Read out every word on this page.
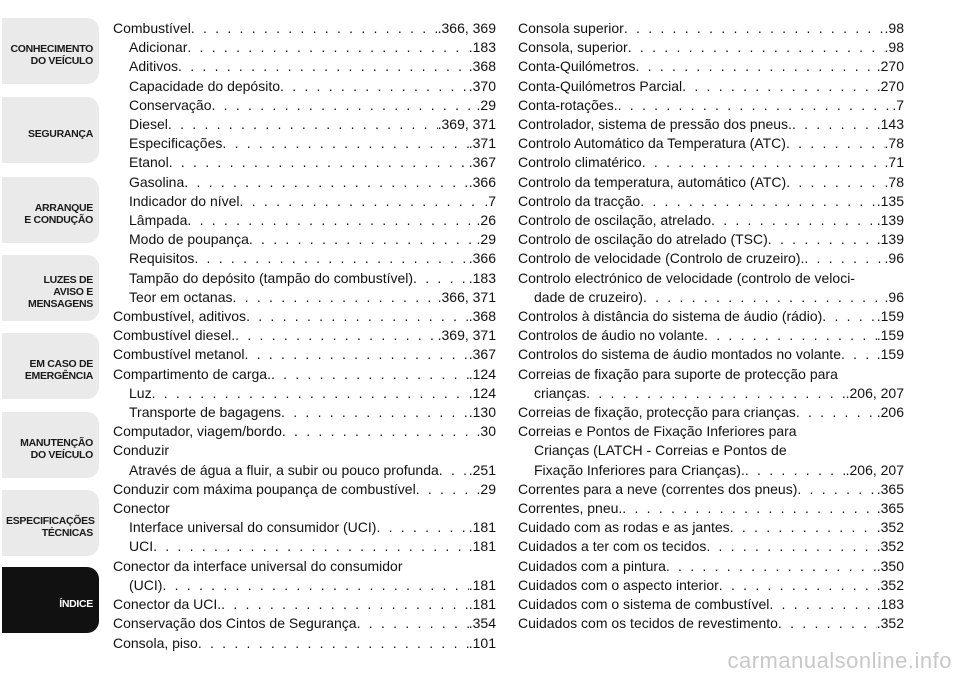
CONHECIMENTO
DO VEÍCULO
SEGURANÇA
ARRANQUE
E CONDUÇÃO
LUZES DE
AVISO E
MENSAGENS
EM CASO DE
EMERGÊNCIA
MANUTENÇÃO
DO VEÍCULO
ESPECIFICAÇÕES
TÉCNICAS
ÍNDICE
378
Combustível . . .	.366, 369
Adicionar . . .	.183
Aditivos . . .	.368
Capacidade do depósito . . .	.370
Conservação . . .	.29
Diesel . . .	.369, 371
Especificações . . .	.371
Etanol . . .	.367
Gasolina . . .	.366
Indicador do nível . . .	.7
Lâmpada . . .	.26
Modo de poupança . . .	.29
Requisitos . . .	.366
Tampão do depósito (tampão do combustível) . . .	.183
Teor em octanas . . .	.366, 371
Combustível, aditivos . . .	.368
Combustível diesel. . . .	.369, 371
Combustível metanol . . .	.367
Compartimento de carga. . . .	.124
Luz . . .	.124
Transporte de bagagens . . .	.130
Computador, viagem/bordo . . .	.30
Conduzir
Através de água a fluir, a subir ou pouco profunda . . . .251
Conduzir com máxima poupança de combustível . . .	.29
Conector
Interface universal do consumidor (UCI) . . .	.181
UCI . . .	.181
Conector da interface universal do consumidor
(UCI) . . .	.181
Conector da UCI. . . .	.181
Conservação dos Cintos de Segurança . . .	.354
Consola, piso . . .	.101
Consola superior . . .	.98
Consola, superior . . .	.98
Conta-Quilómetros . . .	.270
Conta-Quilómetros Parcial . . .	.270
Conta-rotações. . . .	.7
Controlador, sistema de pressão dos pneus. . . .	.143
Controlo Automático da Temperatura (ATC) . . .	.78
Controlo climatérico . . .	.71
Controlo da temperatura, automático (ATC) . . .	.78
Controlo da tracção . . .	.135
Controlo de oscilação, atrelado . . .	.139
Controlo de oscilação do atrelado (TSC) . . .	.139
Controlo de velocidade (Controlo de cruzeiro). . . .	.96
Controlo electrónico de velocidade (controlo de veloci-
dade de cruzeiro) . . .	.96
Controlos à distância do sistema de áudio (rádio) . . .	.159
Controlos de áudio no volante . . .	.159
Controlos do sistema de áudio montados no volante . . .	.159
Correias de fixação para suporte de protecção para
crianças . . .	.206, 207
Correias de fixação, protecção para crianças . . .	.206
Correias e Pontos de Fixação Inferiores para
Crianças (LATCH - Correias e Pontos de
Fixação Inferiores para Crianças). . . .	.206, 207
Correntes para a neve (correntes dos pneus) . . .	.365
Correntes, pneu. . . .	.365
Cuidado com as rodas e as jantes . . .	.352
Cuidados a ter com os tecidos . . .	.352
Cuidados com a pintura . . .	.350
Cuidados com o aspecto interior . . .	.352
Cuidados com o sistema de combustível . . .	.183
Cuidados com os tecidos de revestimento . . .	.352
carmanualsonline.info
